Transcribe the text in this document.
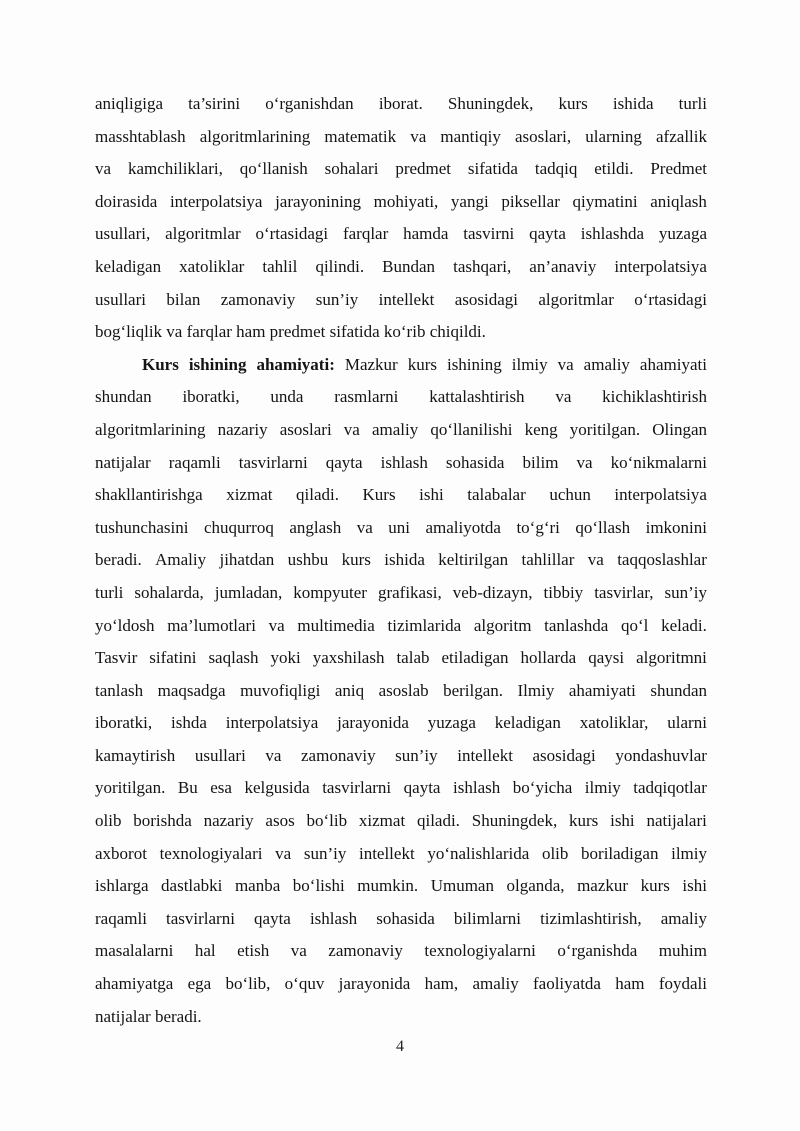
aniqligiga ta’sirini oʻrganishdan iborat. Shuningdek, kurs ishida turli
masshtablash algoritmlarining matematik va mantiqiy asoslari, ularning afzallik
va kamchiliklari, qoʻllanish sohalari predmet sifatida tadqiq etildi. Predmet
doirasida interpolatsiya jarayonining mohiyati, yangi piksellar qiymatini aniqlash
usullari, algoritmlar oʻrtasidagi farqlar hamda tasvirni qayta ishlashda yuzaga
keladigan xatoliklar tahlil qilindi. Bundan tashqari, an’anaviy interpolatsiya
usullari bilan zamonaviy sun’iy intellekt asosidagi algoritmlar oʻrtasidagi
bogʻliqlik va farqlar ham predmet sifatida koʻrib chiqildi.
Kurs ishining ahamiyati: Mazkur kurs ishining ilmiy va amaliy ahamiyati
shundan iboratki, unda rasmlarni kattalashtirish va kichiklashtirish
algoritmlarining nazariy asoslari va amaliy qoʻllanilishi keng yoritilgan. Olingan
natijalar raqamli tasvirlarni qayta ishlash sohasida bilim va koʻnikmalarni
shakllantirishga xizmat qiladi. Kurs ishi talabalar uchun interpolatsiya
tushunchasini chuqurroq anglash va uni amaliyotda toʻgʻri qoʻllash imkonini
beradi. Amaliy jihatdan ushbu kurs ishida keltirilgan tahlillar va taqqoslashlar
turli sohalarda, jumladan, kompyuter grafikasi, veb-dizayn, tibbiy tasvirlar, sun’iy
yoʻldosh ma’lumotlari va multimedia tizimlarida algoritm tanlashda qoʻl keladi.
Tasvir sifatini saqlash yoki yaxshilash talab etiladigan hollarda qaysi algoritmni
tanlash maqsadga muvofiqligi aniq asoslab berilgan. Ilmiy ahamiyati shundan
iboratki, ishda interpolatsiya jarayonida yuzaga keladigan xatoliklar, ularni
kamaytirish usullari va zamonaviy sun’iy intellekt asosidagi yondashuvlar
yoritilgan. Bu esa kelgusida tasvirlarni qayta ishlash boʻyicha ilmiy tadqiqotlar
olib borishda nazariy asos boʻlib xizmat qiladi. Shuningdek, kurs ishi natijalari
axborot texnologiyalari va sun’iy intellekt yoʻnalishlarida olib boriladigan ilmiy
ishlarga dastlabki manba boʻlishi mumkin. Umuman olganda, mazkur kurs ishi
raqamli tasvirlarni qayta ishlash sohasida bilimlarni tizimlashtirish, amaliy
masalalarni hal etish va zamonaviy texnologiyalarni oʻrganishda muhim
ahamiyatga ega boʻlib, oʻquv jarayonida ham, amaliy faoliyatda ham foydali
natijalar beradi.
4
